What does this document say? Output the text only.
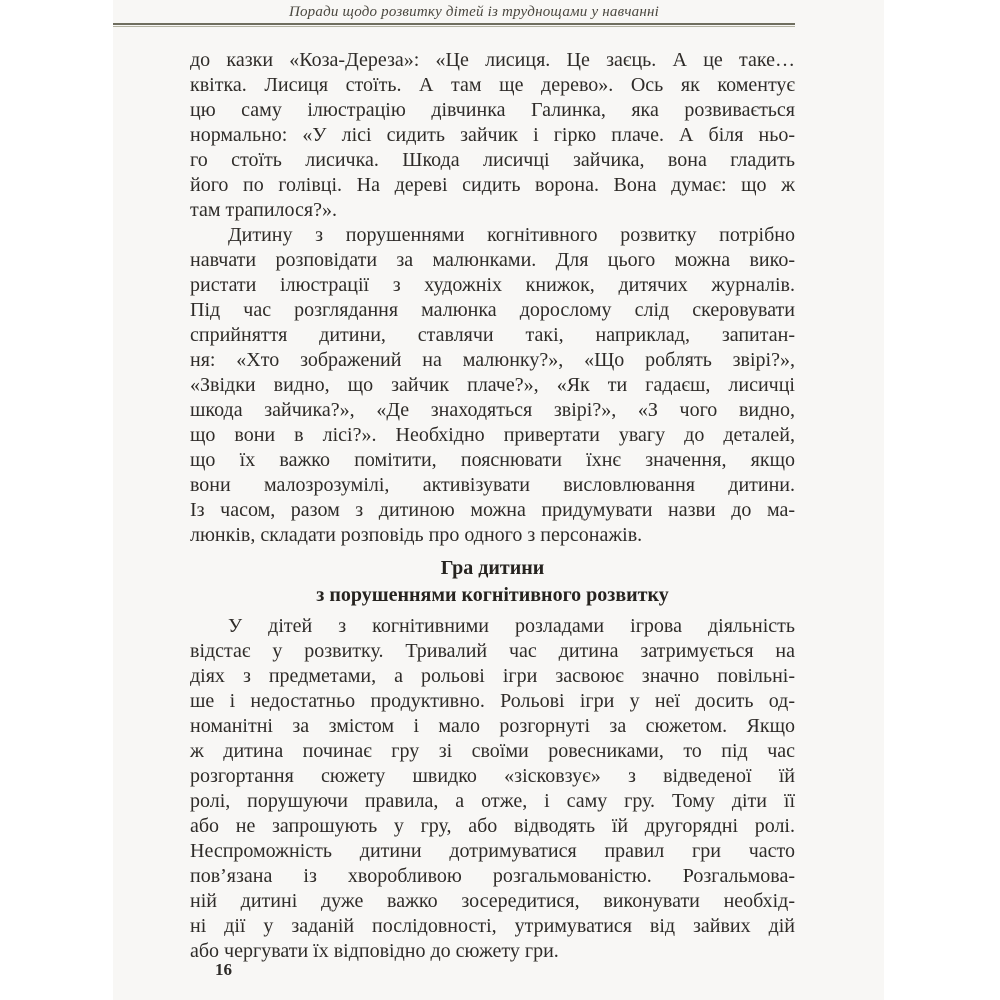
Поради щодо розвитку дітей із труднощами у навчанні
до казки «Коза-Дереза»: «Це лисиця. Це заєць. А це таке…
квітка. Лисиця стоїть. А там ще дерево». Ось як коментує
цю саму ілюстрацію дівчинка Галинка, яка розвивається
нормально: «У лісі сидить зайчик і гірко плаче. А біля ньо-
го стоїть лисичка. Шкода лисичці зайчика, вона гладить
його по голівці. На дереві сидить ворона. Вона думає: що ж
там трапилося?».
Дитину з порушеннями когнітивного розвитку потрібно
навчати розповідати за малюнками. Для цього можна вико-
ристати ілюстрації з художніх книжок, дитячих журналів.
Під час розглядання малюнка дорослому слід скеровувати
сприйняття дитини, ставлячи такі, наприклад, запитан-
ня: «Хто зображений на малюнку?», «Що роблять звірі?»,
«Звідки видно, що зайчик плаче?», «Як ти гадаєш, лисичці
шкода зайчика?», «Де знаходяться звірі?», «З чого видно,
що вони в лісі?». Необхідно привертати увагу до деталей,
що їх важко помітити, пояснювати їхнє значення, якщо
вони малозрозумілі, активізувати висловлювання дитини.
Із часом, разом з дитиною можна придумувати назви до ма-
люнків, складати розповідь про одного з персонажів.
Гра дитини
з порушеннями когнітивного розвитку
У дітей з когнітивними розладами ігрова діяльність
відстає у розвитку. Тривалий час дитина затримується на
діях з предметами, а рольові ігри засвоює значно повільні-
ше і недостатньо продуктивно. Рольові ігри у неї досить од-
номанітні за змістом і мало розгорнуті за сюжетом. Якщо
ж дитина починає гру зі своїми ровесниками, то під час
розгортання сюжету швидко «зісковзує» з відведеної їй
ролі, порушуючи правила, а отже, і саму гру. Тому діти її
або не запрошують у гру, або відводять їй другорядні ролі.
Неспроможність дитини дотримуватися правил гри часто
пов’язана із хворобливою розгальмованістю. Розгальмова-
ній дитині дуже важко зосередитися, виконувати необхід-
ні дії у заданій послідовності, утримуватися від зайвих дій
або чергувати їх відповідно до сюжету гри.
16
